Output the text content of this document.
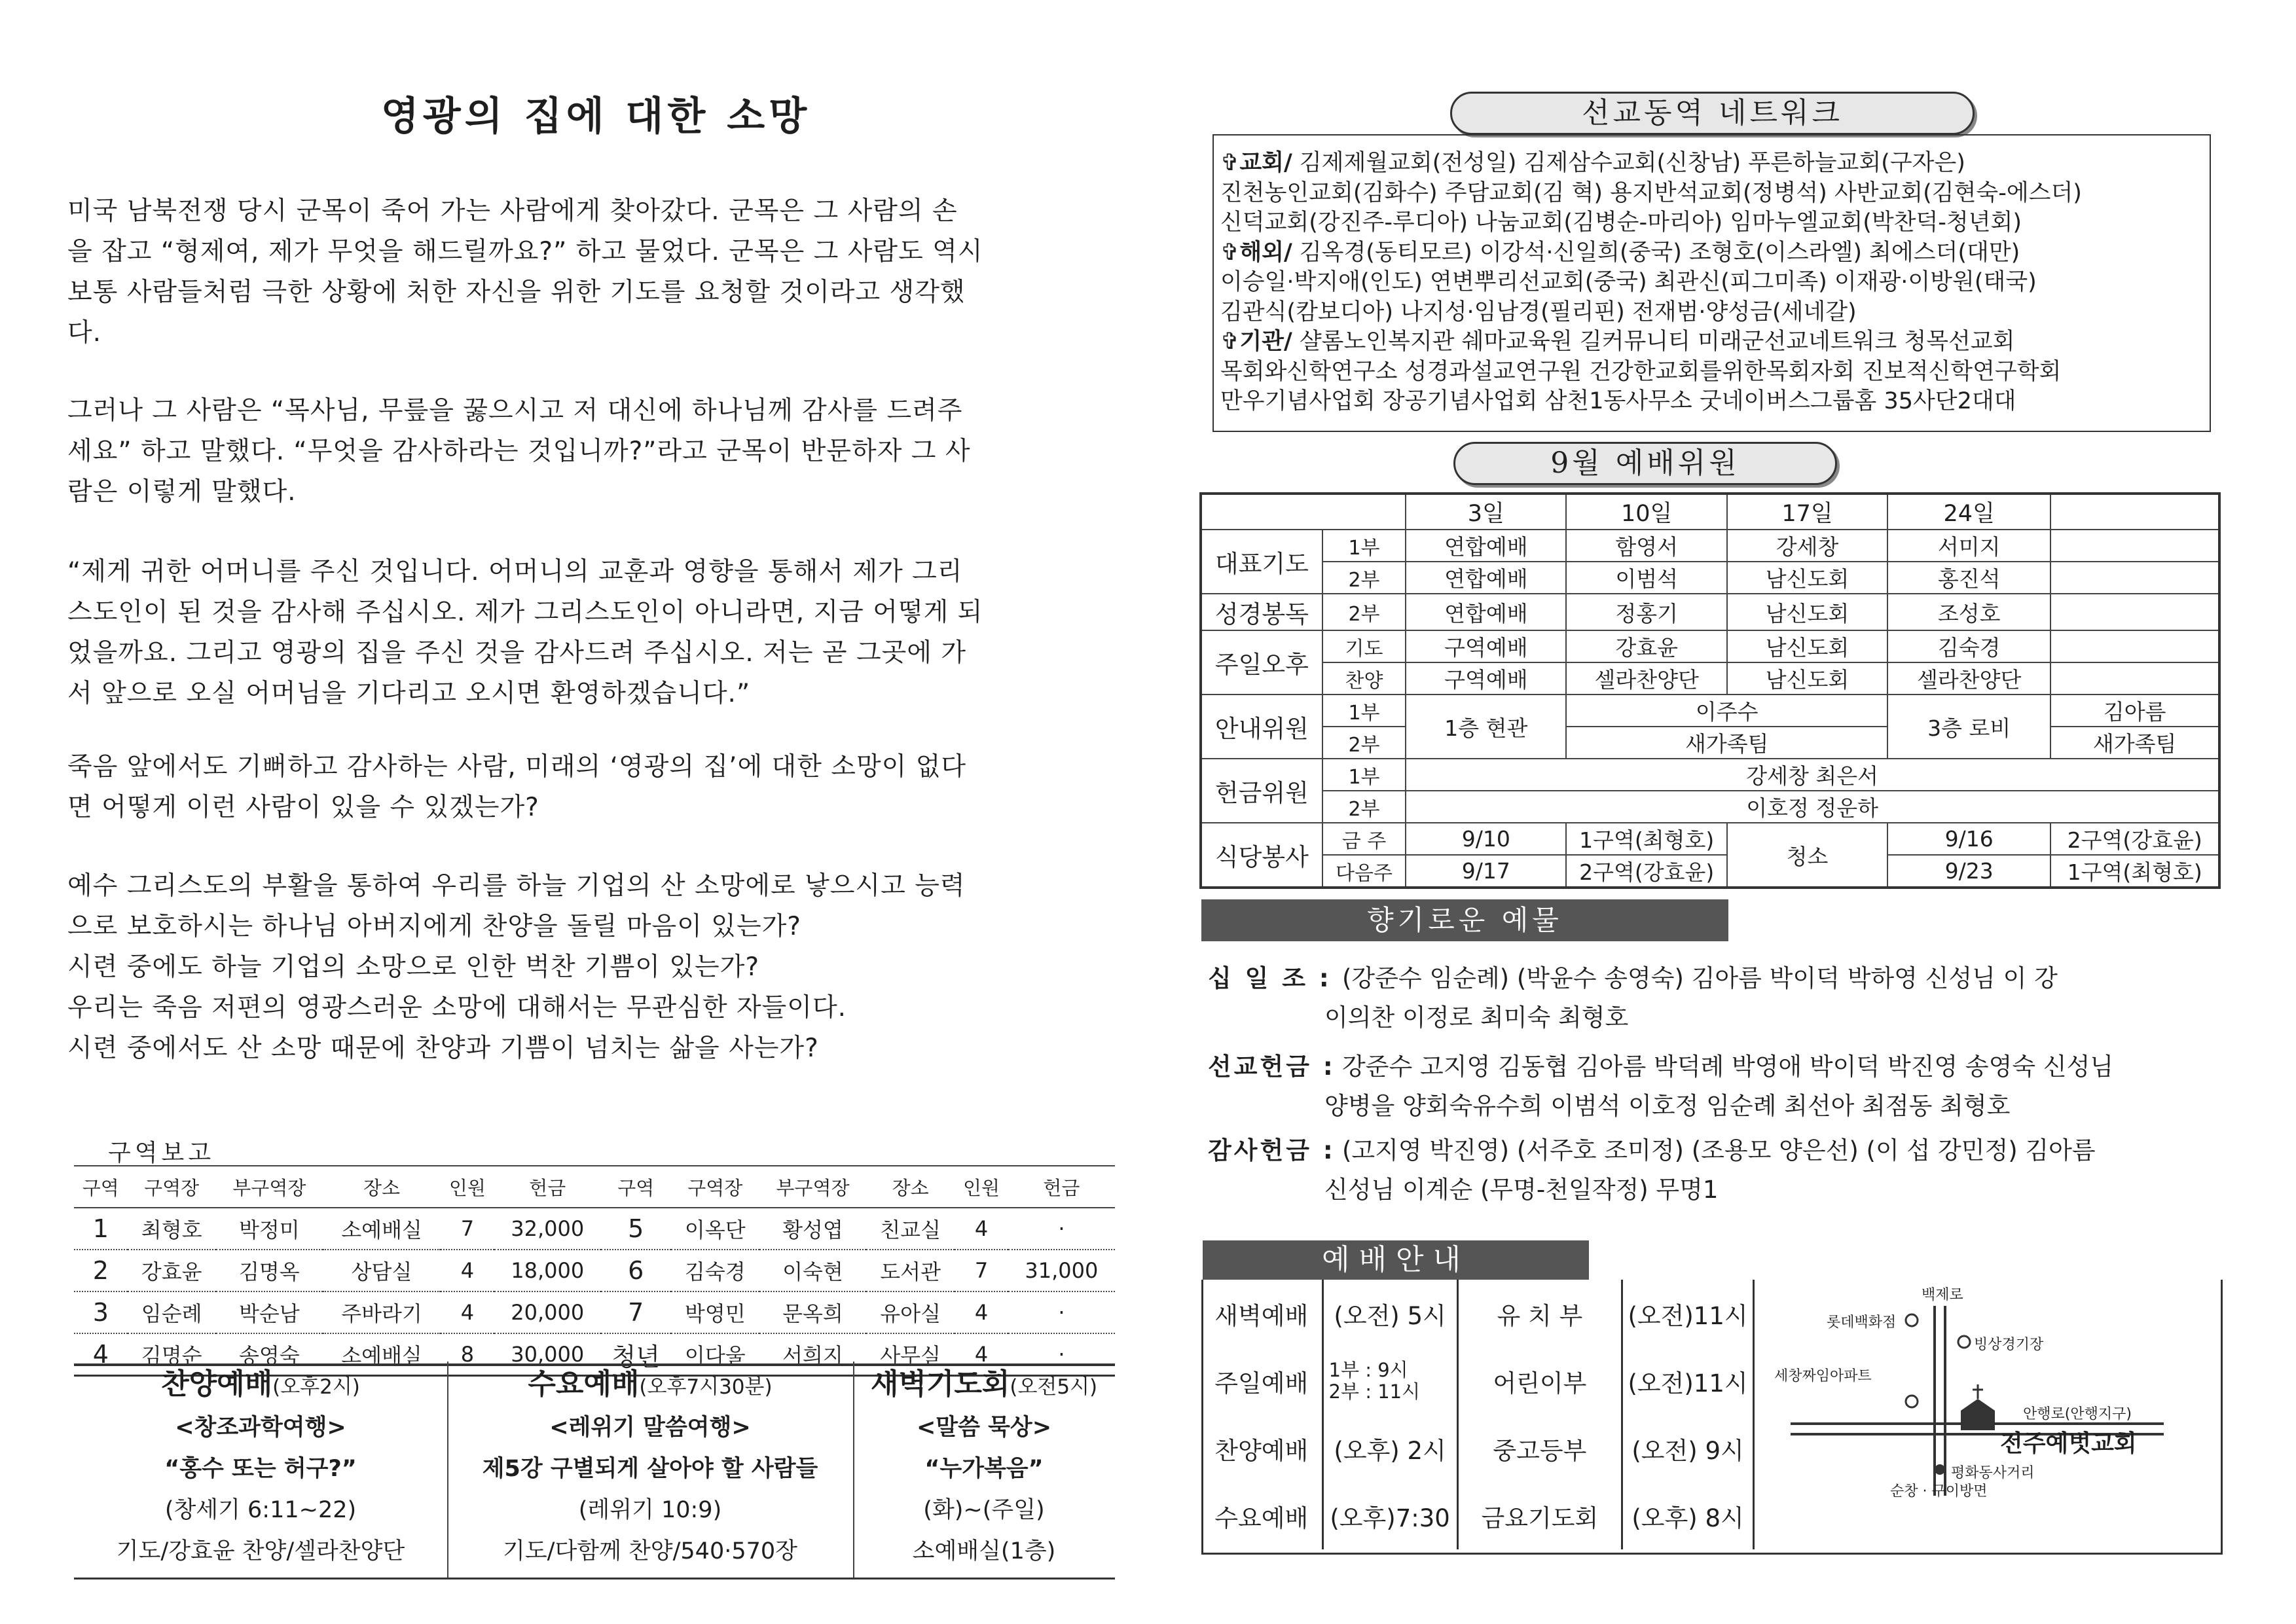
영광의 집에 대한 소망
미국 남북전쟁 당시 군목이 죽어 가는 사람에게 찾아갔다. 군목은 그 사람의 손
을 잡고 “형제여, 제가 무엇을 해드릴까요?” 하고 물었다. 군목은 그 사람도 역시
보통 사람들처럼 극한 상황에 처한 자신을 위한 기도를 요청할 것이라고 생각했
다.
그러나 그 사람은 “목사님, 무릎을 꿇으시고 저 대신에 하나님께 감사를 드려주
세요” 하고 말했다. “무엇을 감사하라는 것입니까?”라고 군목이 반문하자 그 사
람은 이렇게 말했다.
“제게 귀한 어머니를 주신 것입니다. 어머니의 교훈과 영향을 통해서 제가 그리
스도인이 된 것을 감사해 주십시오. 제가 그리스도인이 아니라면, 지금 어떻게 되
었을까요. 그리고 영광의 집을 주신 것을 감사드려 주십시오. 저는 곧 그곳에 가
서 앞으로 오실 어머님을 기다리고 오시면 환영하겠습니다.”
죽음 앞에서도 기뻐하고 감사하는 사람, 미래의 ‘영광의 집’에 대한 소망이 없다
면 어떻게 이런 사람이 있을 수 있겠는가?
예수 그리스도의 부활을 통하여 우리를 하늘 기업의 산 소망에로 낳으시고 능력
으로 보호하시는 하나님 아버지에게 찬양을 돌릴 마음이 있는가?
시련 중에도 하늘 기업의 소망으로 인한 벅찬 기쁨이 있는가?
우리는 죽음 저편의 영광스러운 소망에 대해서는 무관심한 자들이다.
시련 중에서도 산 소망 때문에 찬양과 기쁨이 넘치는 삶을 사는가?
구역보고
구역	구역장	부구역장	장소	인원	헌금	구역	구역장	부구역장	장소	인원	헌금
1	최형호	박정미	소예배실	7	32,000	5	이옥단	황성엽	친교실	4	·
2	강효윤	김명옥	상담실	4	18,000	6	김숙경	이숙현	도서관	7	31,000
3	임순례	박순남	주바라기	4	20,000	7	박영민	문옥희	유아실	4	·
4	김명순	송영숙	소예배실	8	30,000	청년	이다울	서희지	사무실	4	·
찬양예배(오후2시)
<창조과학여행>
“홍수 또는 허구?”
(창세기 6:11~22)
기도/강효윤 찬양/셀라찬양단
수요예배(오후7시30분)
<레위기 말씀여행>
제5강 구별되게 살아야 할 사람들
(레위기 10:9)
기도/다함께 찬양/540·570장
새벽기도회(오전5시)
<말씀 묵상>
“누가복음”
(화)~(주일)
소예배실(1층)
선교동역 네트워크
✞교회/ 김제제월교회(전성일) 김제삼수교회(신창남) 푸른하늘교회(구자은)
진천농인교회(김화수) 주담교회(김 혁) 용지반석교회(정병석) 사반교회(김현숙-에스더)
신덕교회(강진주-루디아) 나눔교회(김병순-마리아) 임마누엘교회(박찬덕-청년회)
✞해외/ 김옥경(동티모르) 이강석·신일희(중국) 조형호(이스라엘) 최에스더(대만)
이승일·박지애(인도) 연변뿌리선교회(중국) 최관신(피그미족) 이재광·이방원(태국)
김관식(캄보디아) 나지성·임남경(필리핀) 전재범·양성금(세네갈)
✞기관/ 샬롬노인복지관 쉐마교육원 길커뮤니티 미래군선교네트워크 청목선교회
목회와신학연구소 성경과설교연구원 건강한교회를위한목회자회 진보적신학연구학회
만우기념사업회 장공기념사업회 삼천1동사무소 굿네이버스그룹홈 35사단2대대
9월 예배위원
		3일	10일	17일	24일	
대표기도	1부	연합예배	함영서	강세창	서미지	
	2부	연합예배	이범석	남신도회	홍진석	
성경봉독	2부	연합예배	정홍기	남신도회	조성호	
주일오후	기도	구역예배	강효윤	남신도회	김숙경	
	찬양	구역예배	셀라찬양단	남신도회	셀라찬양단	
안내위원	1부	1층 현관	이주수		3층 로비	김아름
	2부		새가족팀			새가족팀
헌금위원	1부	강세창 최은서				
	2부	이호정 정운하				
식당봉사	금 주	9/10	1구역(최형호)	청소	9/16	2구역(강효윤)
	다음주	9/17	2구역(강효윤)		9/23	1구역(최형호)
향기로운 예물
십 일 조 : (강준수 임순례) (박윤수 송영숙) 김아름 박이덕 박하영 신성님 이 강
이의찬 이정로 최미숙 최형호
선교헌금 : 강준수 고지영 김동협 김아름 박덕례 박영애 박이덕 박진영 송영숙 신성님
양병을 양회숙유수희 이범석 이호정 임순례 최선아 최점동 최형호
감사헌금 : (고지영 박진영) (서주호 조미정) (조용모 양은선) (이 섭 강민정) 김아름
신성님 이계순 (무명-천일작정) 무명1
예배안내
새벽예배	(오전) 5시	유 치 부	(오전)11시
주일예배	1부 : 9시
2부 : 11시	어린이부	(오전)11시
찬양예배	(오후) 2시	중고등부	(오전) 9시
수요예배	(오후)7:30	금요기도회	(오후) 8시
백제로
롯데백화점
빙상경기장
세창짜임아파트
안행로(안행지구)
전주예벗교회
평화동사거리
순창 · 구이방면
